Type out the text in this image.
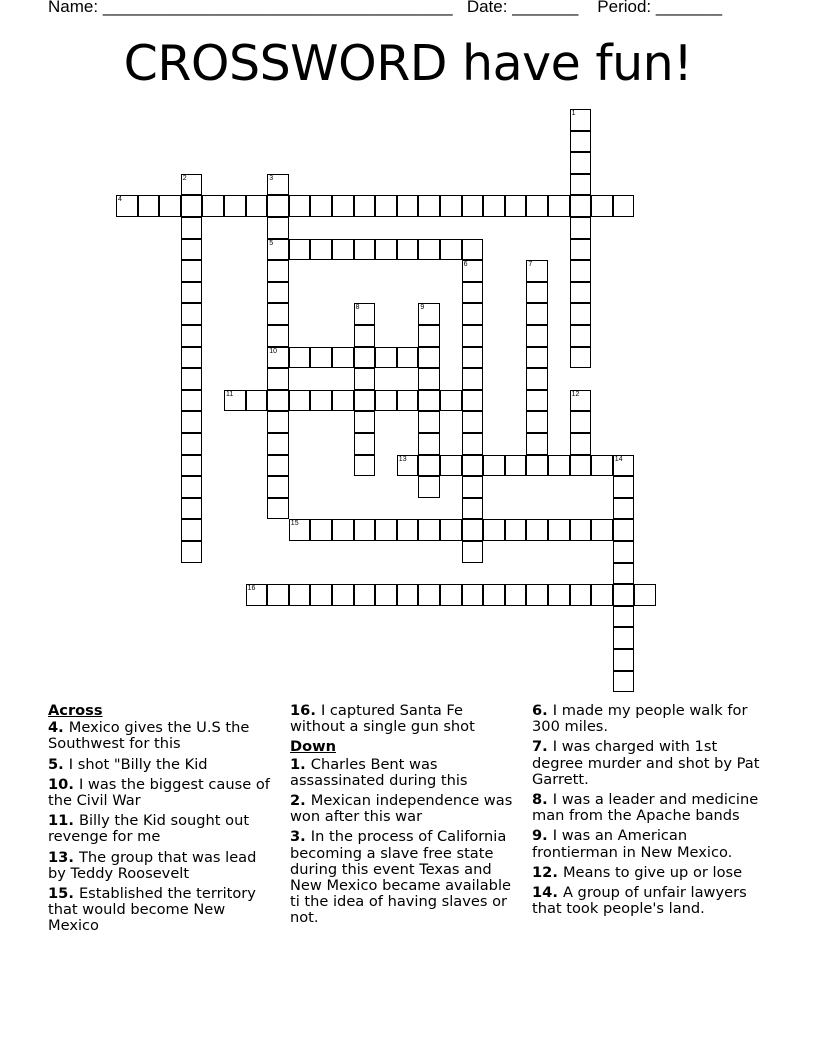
Name: _____________________________________ Date: _______ Period: _______
CROSSWORD have fun!
1
2	3
4
5
6	7
8	9
10
11	12
13	14
15
16
Across
4. Mexico gives the U.S the Southwest for this
5. I shot "Billy the Kid
10. I was the biggest cause of the Civil War
11. Billy the Kid sought out revenge for me
13. The group that was lead by Teddy Roosevelt
15. Established the territory that would become New Mexico
16. I captured Santa Fe without a single gun shot
Down
1. Charles Bent was assassinated during this
2. Mexican independence was won after this war
3. In the process of California becoming a slave free state during this event Texas and New Mexico became available ti the idea of having slaves or not.
6. I made my people walk for 300 miles.
7. I was charged with 1st degree murder and shot by Pat Garrett.
8. I was a leader and medicine man from the Apache bands
9. I was an American frontierman in New Mexico.
12. Means to give up or lose
14. A group of unfair lawyers that took people's land.
